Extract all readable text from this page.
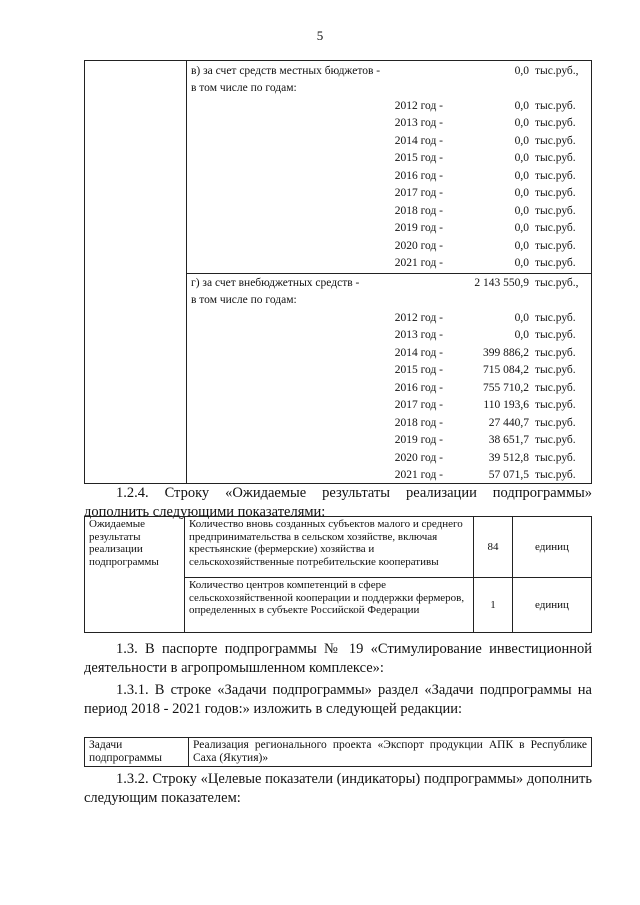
5
в) за счет средств местных бюджетов -	0,0 тыс.руб.,
в том числе по годам:
2012 год -	0,0 тыс.руб.
2013 год -	0,0 тыс.руб.
2014 год -	0,0 тыс.руб.
2015 год -	0,0 тыс.руб.
2016 год -	0,0 тыс.руб.
2017 год -	0,0 тыс.руб.
2018 год -	0,0 тыс.руб.
2019 год -	0,0 тыс.руб.
2020 год -	0,0 тыс.руб.
2021 год -	0,0 тыс.руб.
г) за счет внебюджетных средств -	2 143 550,9 тыс.руб.,
в том числе по годам:
2012 год -	0,0 тыс.руб.
2013 год -	0,0 тыс.руб.
2014 год -	399 886,2 тыс.руб.
2015 год -	715 084,2 тыс.руб.
2016 год -	755 710,2 тыс.руб.
2017 год -	110 193,6 тыс.руб.
2018 год -	27 440,7 тыс.руб.
2019 год -	38 651,7 тыс.руб.
2020 год -	39 512,8 тыс.руб.
2021 год -	57 071,5 тыс.руб.

1.2.4. Строку «Ожидаемые результаты реализации подпрограммы» дополнить следующими показателями:

Ожидаемые результаты реализации подпрограммы	Количество вновь созданных субъектов малого и среднего предпринимательства в сельском хозяйстве, включая крестьянские (фермерские) хозяйства и сельскохозяйственные потребительские кооперативы	84	единиц
	Количество центров компетенций в сфере сельскохозяйственной кооперации и поддержки фермеров, определенных в субъекте Российской Федерации	1	единиц

1.3. В паспорте подпрограммы № 19 «Стимулирование инвестиционной деятельности в агропромышленном комплексе»:

1.3.1. В строке «Задачи подпрограммы» раздел «Задачи подпрограммы на период 2018 - 2021 годов:» изложить в следующей редакции:

Задачи подпрограммы	Реализация регионального проекта «Экспорт продукции АПК в Республике Саха (Якутия)»

1.3.2. Строку «Целевые показатели (индикаторы) подпрограммы» дополнить следующим показателем:
